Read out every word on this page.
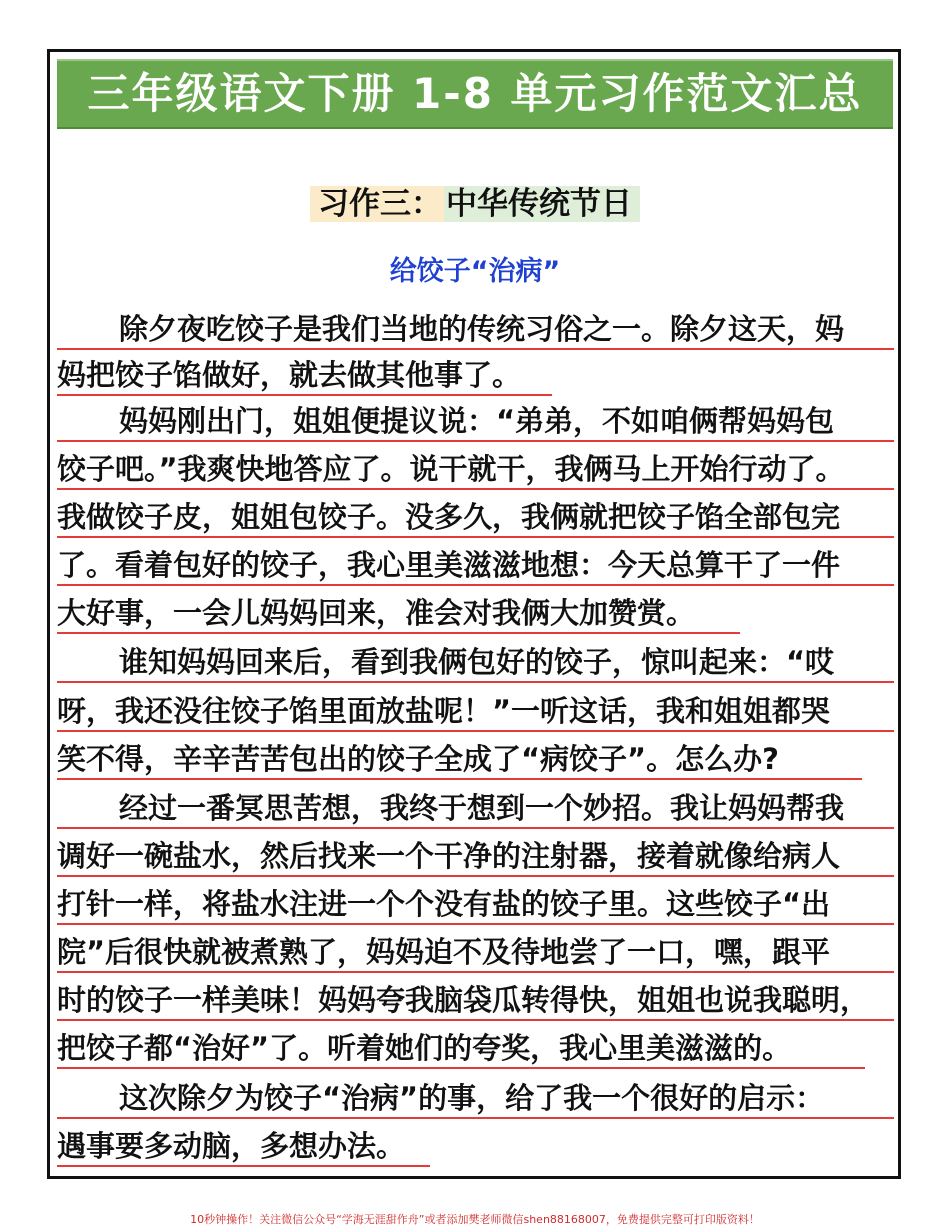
三年级语文下册 1-8 单元习作范文汇总
习作三： 中华传统节日
给饺子“治病”
除夕夜吃饺子是我们当地的传统习俗之一。除夕这天，妈
妈把饺子馅做好，就去做其他事了。
妈妈刚出门，姐姐便提议说：“弟弟，不如咱俩帮妈妈包
饺子吧。”我爽快地答应了。说干就干，我俩马上开始行动了。
我做饺子皮，姐姐包饺子。没多久，我俩就把饺子馅全部包完
了。看着包好的饺子，我心里美滋滋地想：今天总算干了一件
大好事，一会儿妈妈回来，准会对我俩大加赞赏。
谁知妈妈回来后，看到我俩包好的饺子，惊叫起来：“哎
呀，我还没往饺子馅里面放盐呢！”一听这话，我和姐姐都哭
笑不得，辛辛苦苦包出的饺子全成了“病饺子”。怎么办?
经过一番冥思苦想，我终于想到一个妙招。我让妈妈帮我
调好一碗盐水，然后找来一个干净的注射器，接着就像给病人
打针一样，将盐水注进一个个没有盐的饺子里。这些饺子“出
院”后很快就被煮熟了，妈妈迫不及待地尝了一口，嘿，跟平
时的饺子一样美味！妈妈夸我脑袋瓜转得快，姐姐也说我聪明，
把饺子都“治好”了。听着她们的夸奖，我心里美滋滋的。
这次除夕为饺子“治病”的事，给了我一个很好的启示：
遇事要多动脑，多想办法。
10秒钟操作！关注微信公众号“学海无涯甜作舟”或者添加樊老师微信shen88168007，免费提供完整可打印版资料！
